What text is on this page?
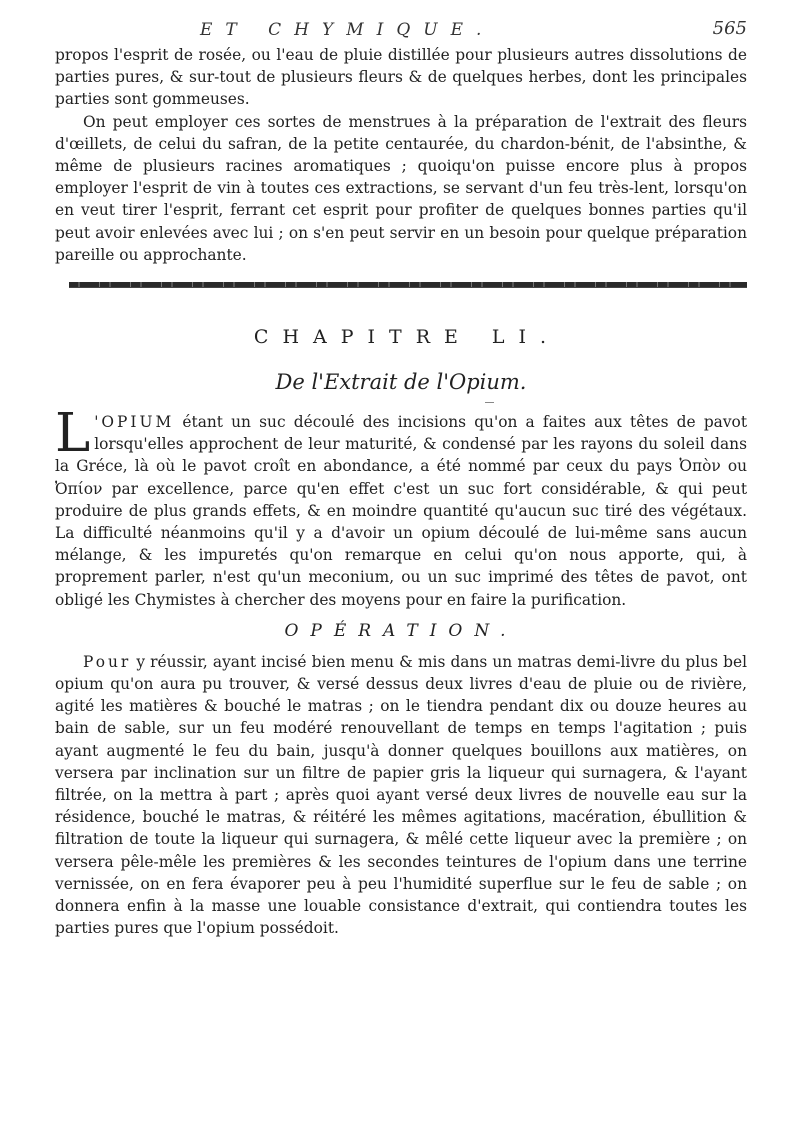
ET CHYMIQUE.	565

propos l'esprit de rosée, ou l'eau de pluie distillée pour plusieurs autres dissolutions de parties pures, & sur-tout de plusieurs fleurs & de quelques herbes, dont les principales parties sont gommeuses.

On peut employer ces sortes de menstrues à la préparation de l'extrait des fleurs d'œillets, de celui du safran, de la petite centaurée, du chardon-bénit, de l'absinthe, & même de plusieurs racines aromatiques ; quoiqu'on puisse encore plus à propos employer l'esprit de vin à toutes ces extractions, se servant d'un feu très-lent, lorsqu'on en veut tirer l'esprit, ferrant cet esprit pour profiter de quelques bonnes parties qu'il peut avoir enlevées avec lui ; on s'en peut servir en un besoin pour quelque préparation pareille ou approchante.

CHAPITRE LI.
De l'Extrait de l'Opium.

L 'OPIUM étant un suc découlé des incisions qu'on a faites aux têtes de pavot lorsqu'elles approchent de leur maturité, & condensé par les rayons du soleil dans la Gréce, là où le pavot croît en abondance, a été nommé par ceux du pays Ὀπὸν ou Ὀπίον par excellence, parce qu'en effet c'est un suc fort considérable, & qui peut produire de plus grands effets, & en moindre quantité qu'aucun suc tiré des végétaux. La difficulté néanmoins qu'il y a d'avoir un opium découlé de lui-même sans aucun mélange, & les impuretés qu'on remarque en celui qu'on nous apporte, qui, à proprement parler, n'est qu'un meconium, ou un suc imprimé des têtes de pavot, ont obligé les Chymistes à chercher des moyens pour en faire la purification.

OPÉRATION.

Pour y réussir, ayant incisé bien menu & mis dans un matras demi-livre du plus bel opium qu'on aura pu trouver, & versé dessus deux livres d'eau de pluie ou de rivière, agité les matières & bouché le matras ; on le tiendra pendant dix ou douze heures au bain de sable, sur un feu modéré renouvellant de temps en temps l'agitation ; puis ayant augmenté le feu du bain, jusqu'à donner quelques bouillons aux matières, on versera par inclination sur un filtre de papier gris la liqueur qui surnagera, & l'ayant filtrée, on la mettra à part ; après quoi ayant versé deux livres de nouvelle eau sur la résidence, bouché le matras, & réitéré les mêmes agitations, macération, ébullition & filtration de toute la liqueur qui surnagera, & mêlé cette liqueur avec la première ; on versera pêle-mêle les premières & les secondes teintures de l'opium dans une terrine vernissée, on en fera évaporer peu à peu l'humidité superflue sur le feu de sable ; on donnera enfin à la masse une louable consistance d'extrait, qui contiendra toutes les parties pures que l'opium possédoit.
